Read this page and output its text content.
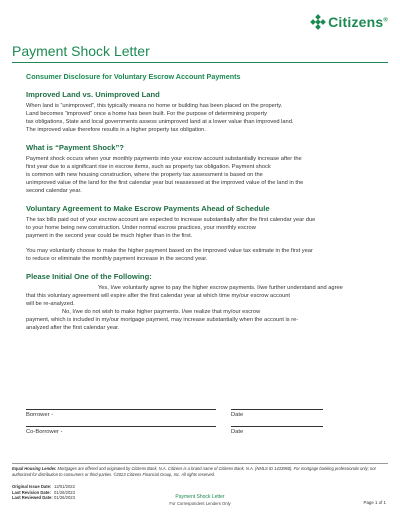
Citizens®
Payment Shock Letter
Consumer Disclosure for Voluntary Escrow Account Payments
Improved Land vs. Unimproved Land

When land is “unimproved”, this typically means no home or building has been placed on the property.
Land becomes “improved” once a home has been built. For the purpose of determining property
tax obligations, State and local governments assess unimproved land at a lower value than improved land.
The improved value therefore results in a higher property tax obligation.

What is “Payment Shock”?

Payment shock occurs when your monthly payments into your escrow account substantially increase after the
first year due to a significant rise in escrow items, such as property tax obligation. Payment shock
is common with new housing construction, where the property tax assessment is based on the
unimproved value of the land for the first calendar year but reassessed at the improved value of the land in the
second calendar year.

Voluntary Agreement to Make Escrow Payments Ahead of Schedule

The tax bills paid out of your escrow account are expected to increase substantially after the first calendar year due
to your home being new construction. Under normal escrow practices, your monthly escrow
payment in the second year could be much higher than in the first.

You may voluntarily choose to make the higher payment based on the improved value tax estimate in the first year
to reduce or eliminate the monthly payment increase in the second year.

Please Initial One of the Following:

Yes, I/we voluntarily agree to pay the higher escrow payments. I/we further understand and agree
that this voluntary agreement will expire after the first calendar year at which time my/our escrow account
will be re-analyzed.

No, I/we do not wish to make higher payments. I/we realize that my/our escrow
payment, which is included in my/our mortgage payment, may increase substantially when the account is re-
analyzed after the first calendar year.

Borrower -	Date
Co-Borrower -	Date
Equal Housing Lender. Mortgages are offered and originated by Citizens Bank, N.A. Citizens is a brand name of Citizens Bank, N.A. (NMLS ID 1433960). For mortgage banking professionals only; not authorized for distribution to consumers or third-parties. ©2023 Citizens Financial Group, Inc. All rights reserved.
Original Issue Date: 12/01/2022
Last Revision Date: 01/26/2023
Last Reviewed Date: 01/26/2023	Payment Shock Letter
For Correspondent Lenders Only	Page 1 of 1
